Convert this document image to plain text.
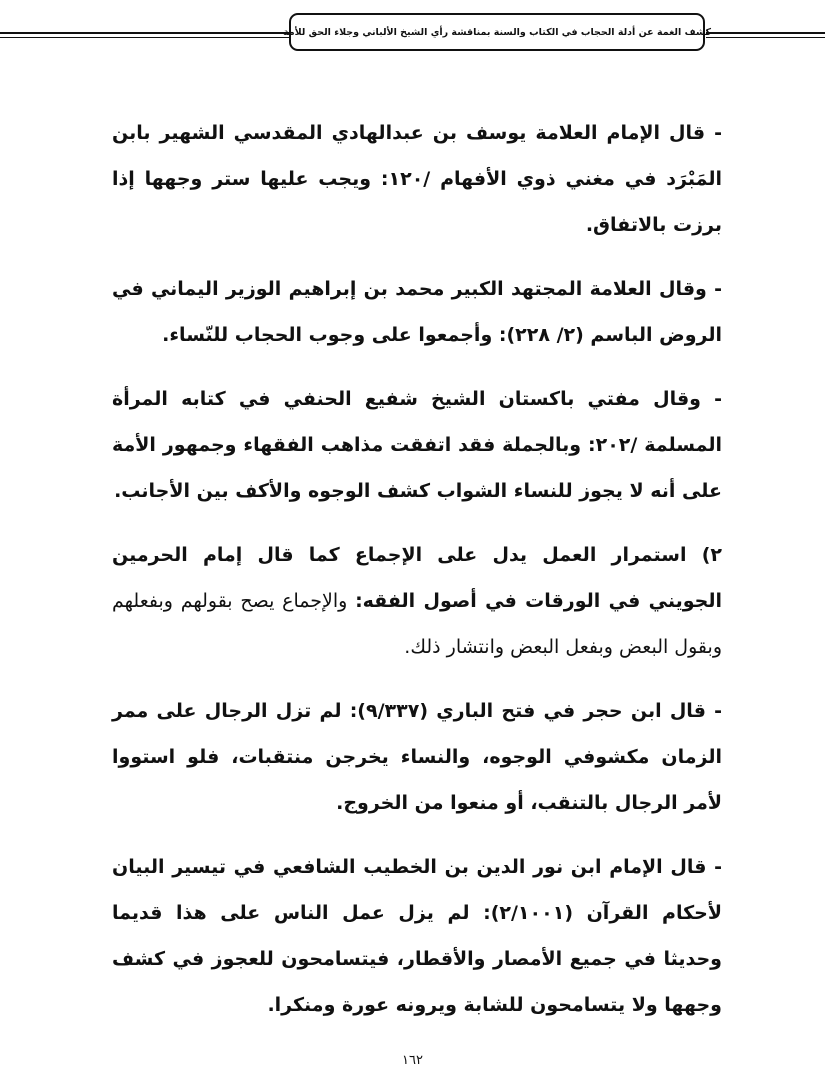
كشف الغمة عن أدلة الحجاب في الكتاب والسنة بمناقشة رأي الشيخ الألباني وجلاء الحق للأمة

- قال الإمام العلامة يوسف بن عبدالهادي المقدسي الشهير بابن المَبْرَد في مغني ذوي الأفهام /١٢٠: ويجب عليها ستر وجهها إذا برزت بالاتفاق.

- وقال العلامة المجتهد الكبير محمد بن إبراهيم الوزير اليماني في الروض الباسم (٢/ ٢٢٨): وأجمعوا على وجوب الحجاب للنّساء.

- وقال مفتي باكستان الشيخ شفيع الحنفي في كتابه المرأة المسلمة /٢٠٢: وبالجملة فقد اتفقت مذاهب الفقهاء وجمهور الأمة على أنه لا يجوز للنساء الشواب كشف الوجوه والأكف بين الأجانب.

٢) استمرار العمل يدل على الإجماع كما قال إمام الحرمين الجويني في الورقات في أصول الفقه: والإجماع يصح بقولهم وبفعلهم وبقول البعض وبفعل البعض وانتشار ذلك.

- قال ابن حجر في فتح الباري (٩/٣٣٧): لم تزل الرجال على ممر الزمان مكشوفي الوجوه، والنساء يخرجن منتقبات، فلو استووا لأمر الرجال بالتنقب، أو منعوا من الخروج.

- قال الإمام ابن نور الدين بن الخطيب الشافعي في تيسير البيان لأحكام القرآن (٢/١٠٠١): لم يزل عمل الناس على هذا قديما وحديثا في جميع الأمصار والأقطار، فيتسامحون للعجوز في كشف وجهها ولا يتسامحون للشابة ويرونه عورة ومنكرا.

١٦٢
